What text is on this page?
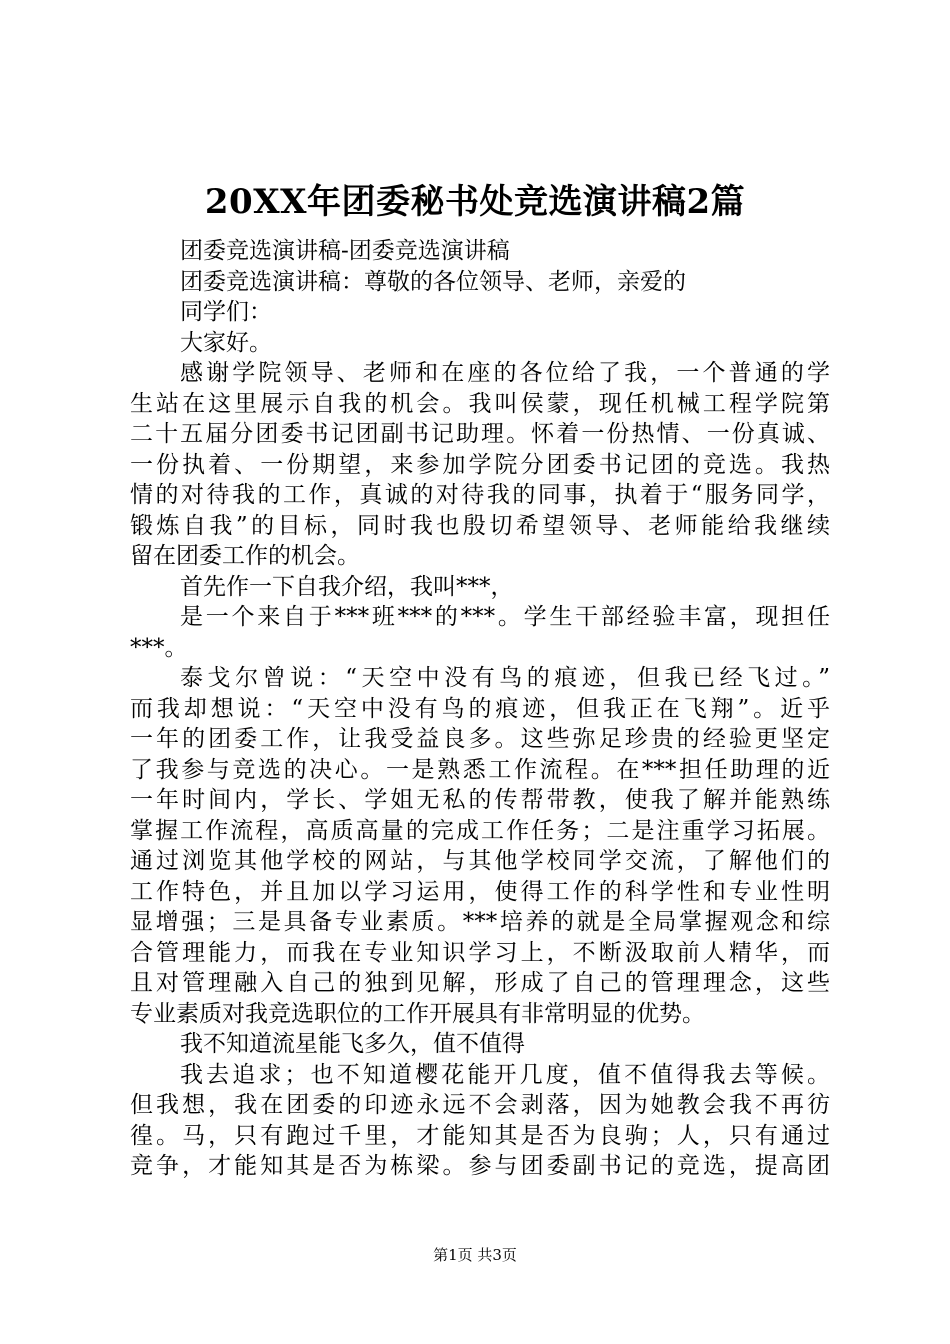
20XX年团委秘书处竞选演讲稿2篇
团委竞选演讲稿-团委竞选演讲稿
团委竞选演讲稿：尊敬的各位领导、老师，亲爱的
同学们：
大家好。
感谢学院领导、老师和在座的各位给了我，一个普通的学
生站在这里展示自我的机会。我叫侯蒙，现任机械工程学院第
二十五届分团委书记团副书记助理。怀着一份热情、一份真诚、
一份执着、一份期望，来参加学院分团委书记团的竞选。我热
情的对待我的工作，真诚的对待我的同事，执着于“服务同学，
锻炼自我”的目标，同时我也殷切希望领导、老师能给我继续
留在团委工作的机会。
首先作一下自我介绍，我叫***，
是一个来自于***班***的***。学生干部经验丰富，现担任
***。
泰戈尔曾说：“天空中没有鸟的痕迹，但我已经飞过。”
而我却想说：“天空中没有鸟的痕迹，但我正在飞翔”。近乎
一年的团委工作，让我受益良多。这些弥足珍贵的经验更坚定
了我参与竞选的决心。一是熟悉工作流程。在***担任助理的近
一年时间内，学长、学姐无私的传帮带教，使我了解并能熟练
掌握工作流程，高质高量的完成工作任务；二是注重学习拓展。
通过浏览其他学校的网站，与其他学校同学交流，了解他们的
工作特色，并且加以学习运用，使得工作的科学性和专业性明
显增强；三是具备专业素质。***培养的就是全局掌握观念和综
合管理能力，而我在专业知识学习上，不断汲取前人精华，而
且对管理融入自己的独到见解，形成了自己的管理理念，这些
专业素质对我竞选职位的工作开展具有非常明显的优势。
我不知道流星能飞多久，值不值得
我去追求；也不知道樱花能开几度，值不值得我去等候。
但我想，我在团委的印迹永远不会剥落，因为她教会我不再彷
徨。马，只有跑过千里，才能知其是否为良驹；人，只有通过
竞争，才能知其是否为栋梁。参与团委副书记的竞选，提高团
第1页 共3页
